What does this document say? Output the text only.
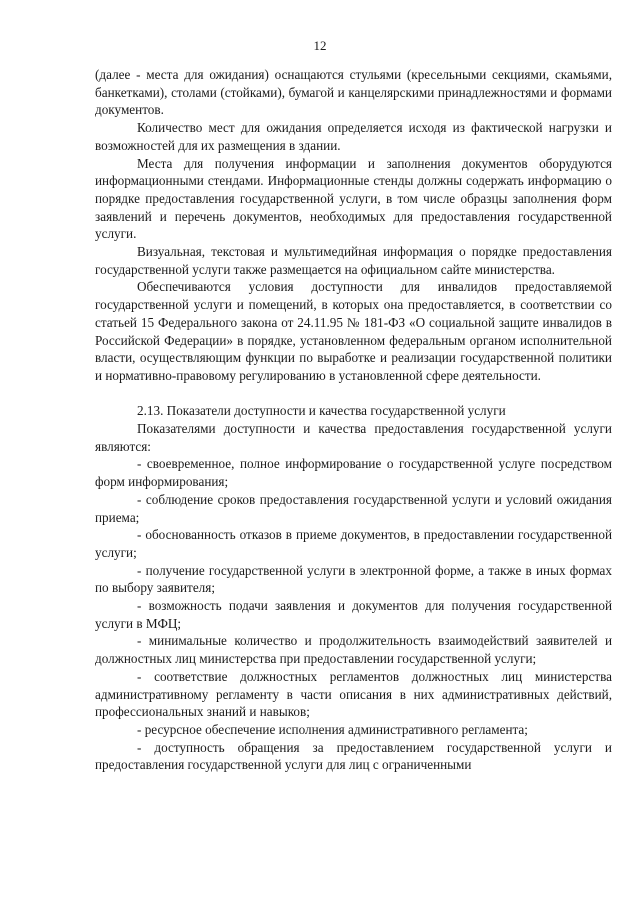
12

(далее - места для ожидания) оснащаются стульями (кресельными секциями, скамьями, банкетками), столами (стойками), бумагой и канцелярскими принадлежностями и формами документов.

Количество мест для ожидания определяется исходя из фактической нагрузки и возможностей для их размещения в здании.

Места для получения информации и заполнения документов оборудуются информационными стендами. Информационные стенды должны содержать информацию о порядке предоставления государственной услуги, в том числе образцы заполнения форм заявлений и перечень документов, необходимых для предоставления государственной услуги.

Визуальная, текстовая и мультимедийная информация о порядке предоставления государственной услуги также размещается на официальном сайте министерства.

Обеспечиваются условия доступности для инвалидов предоставляемой государственной услуги и помещений, в которых она предоставляется, в соответствии со статьей 15 Федерального закона от 24.11.95 № 181-ФЗ «О социальной защите инвалидов в Российской Федерации» в порядке, установленном федеральным органом исполнительной власти, осуществляющим функции по выработке и реализации государственной политики и нормативно-правовому регулированию в установленной сфере деятельности.

2.13. Показатели доступности и качества государственной услуги

Показателями доступности и качества предоставления государственной услуги являются:

- своевременное, полное информирование о государственной услуге посредством форм информирования;

- соблюдение сроков предоставления государственной услуги и условий ожидания приема;

- обоснованность отказов в приеме документов, в предоставлении государственной услуги;

- получение государственной услуги в электронной форме, а также в иных формах по выбору заявителя;

- возможность подачи заявления и документов для получения государственной услуги в МФЦ;

- минимальные количество и продолжительность взаимодействий заявителей и должностных лиц министерства при предоставлении государственной услуги;

- соответствие должностных регламентов должностных лиц министерства административному регламенту в части описания в них административных действий, профессиональных знаний и навыков;

- ресурсное обеспечение исполнения административного регламента;

- доступность обращения за предоставлением государственной услуги и предоставления государственной услуги для лиц с ограниченными
